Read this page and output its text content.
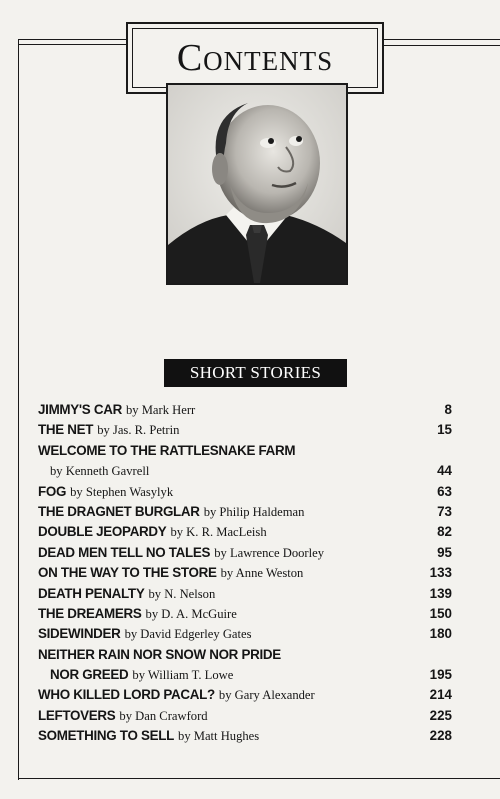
Contents
SHORT STORIES
JIMMY'S CAR by Mark Herr	8
THE NET by Jas. R. Petrin	15
WELCOME TO THE RATTLESNAKE FARM
by Kenneth Gavrell	44
FOG by Stephen Wasylyk	63
THE DRAGNET BURGLAR by Philip Haldeman	73
DOUBLE JEOPARDY by K. R. MacLeish	82
DEAD MEN TELL NO TALES by Lawrence Doorley	95
ON THE WAY TO THE STORE by Anne Weston	133
DEATH PENALTY by N. Nelson	139
THE DREAMERS by D. A. McGuire	150
SIDEWINDER by David Edgerley Gates	180
NEITHER RAIN NOR SNOW NOR PRIDE
NOR GREED by William T. Lowe	195
WHO KILLED LORD PACAL? by Gary Alexander	214
LEFTOVERS by Dan Crawford	225
SOMETHING TO SELL by Matt Hughes	228
